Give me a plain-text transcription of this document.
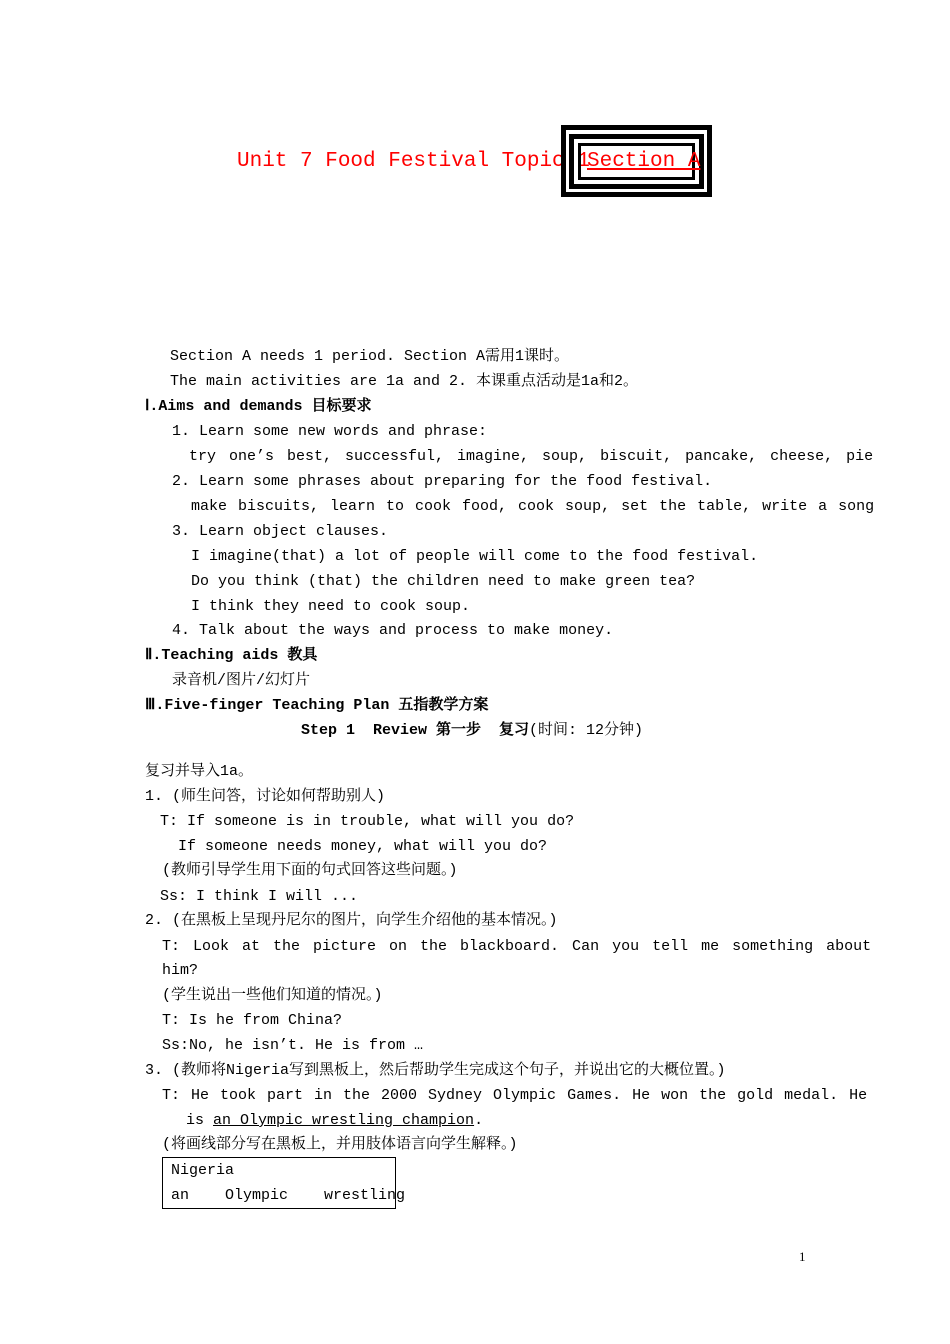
Unit 7 Food Festival Topic 1
Section A
Section A needs 1 period. Section A需用1课时。
The main activities are 1a and 2. 本课重点活动是1a和2。
Ⅰ.Aims and demands 目标要求
1. Learn some new words and phrase:
try one’s best, successful, imagine, soup, biscuit, pancake, cheese, pie
2. Learn some phrases about preparing for the food festival.
make biscuits, learn to cook food, cook soup, set the table, write a song
3. Learn object clauses.
I imagine(that) a lot of people will come to the food festival.
Do you think (that) the children need to make green tea?
I think they need to cook soup.
4. Talk about the ways and process to make money.
Ⅱ.Teaching aids 教具
录音机/图片/幻灯片
Ⅲ.Five-finger Teaching Plan 五指教学方案
Step 1  Review 第一步  复习(时间: 12分钟)
复习并导入1a。
1. (师生问答，讨论如何帮助别人)
T: If someone is in trouble, what will you do?
If someone needs money, what will you do?
(教师引导学生用下面的句式回答这些问题。)
Ss: I think I will ...
2. (在黑板上呈现丹尼尔的图片，向学生介绍他的基本情况。)
T: Look at the picture on the blackboard. Can you tell me something about
him?
(学生说出一些他们知道的情况。)
T: Is he from China?
Ss:No, he isn’t. He is from …
3. (教师将Nigeria写到黑板上，然后帮助学生完成这个句子，并说出它的大概位置。)
T: He took part in the 2000 Sydney Olympic Games. He won the gold medal. He
is an Olympic wrestling champion.
(将画线部分写在黑板上，并用肢体语言向学生解释。)
Nigeria
an    Olympic    wrestling
1
